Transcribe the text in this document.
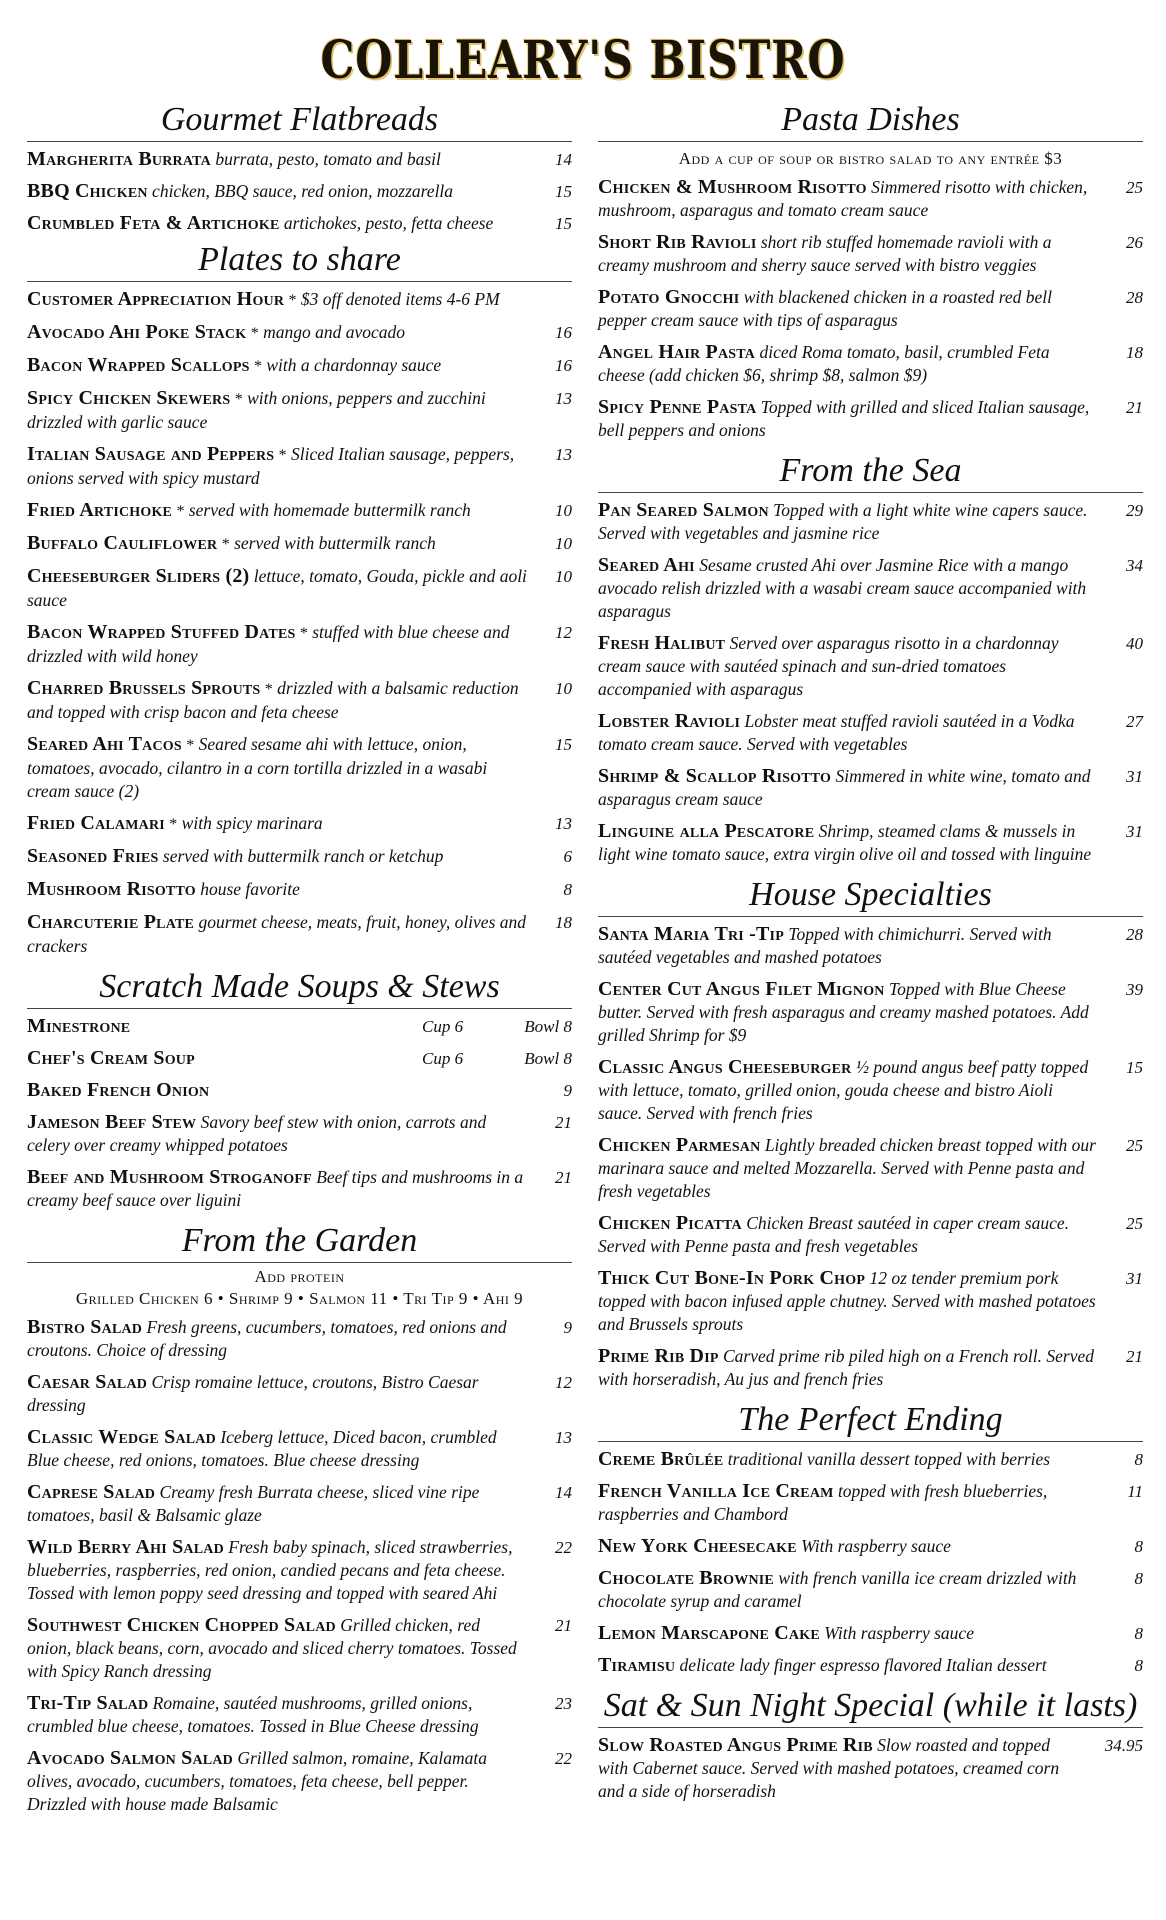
COLLEARY'S BISTRO
Gourmet Flatbreads
Margherita Burrata burrata, pesto, tomato and basil	14
BBQ Chicken chicken, BBQ sauce, red onion, mozzarella	15
Crumbled Feta & Artichoke artichokes, pesto, fetta cheese	15
Plates to share
Customer Appreciation Hour * $3 off denoted items 4-6 PM
Avocado Ahi Poke Stack * mango and avocado	16
Bacon Wrapped Scallops * with a chardonnay sauce	16
Spicy Chicken Skewers * with onions, peppers and zucchini drizzled with garlic sauce
13
Italian Sausage and Peppers * Sliced Italian sausage, peppers, onions served with spicy mustard
13
Fried Artichoke * served with homemade buttermilk ranch	10
Buffalo Cauliflower * served with buttermilk ranch	10
Cheeseburger Sliders (2) lettuce, tomato, Gouda, pickle and aoli sauce
10
Bacon Wrapped Stuffed Dates * stuffed with blue cheese and drizzled with wild honey
12
Charred Brussels Sprouts * drizzled with a balsamic reduction and topped with crisp bacon and feta cheese
10
Seared Ahi Tacos * Seared sesame ahi with lettuce, onion, tomatoes, avocado, cilantro in a corn tortilla drizzled in a wasabi cream sauce (2)
15
Fried Calamari * with spicy marinara	13
Seasoned Fries served with buttermilk ranch or ketchup	6
Mushroom Risotto house favorite	8
Charcuterie Plate gourmet cheese, meats, fruit, honey, olives and crackers
18
Scratch Made Soups & Stews
Minestrone	Cup 6	Bowl 8
Chef's Cream Soup	Cup 6	Bowl 8
Baked French Onion	9
Jameson Beef Stew Savory beef stew with onion, carrots and celery over creamy whipped potatoes
21
Beef and Mushroom Stroganoff Beef tips and mushrooms in a creamy beef sauce over liguini
21
From the Garden
Add protein
Grilled Chicken 6 • Shrimp 9 • Salmon 11 • Tri Tip 9 • Ahi 9
Bistro Salad Fresh greens, cucumbers, tomatoes, red onions and croutons. Choice of dressing
9
Caesar Salad Crisp romaine lettuce, croutons, Bistro Caesar dressing
12
Classic Wedge Salad Iceberg lettuce, Diced bacon, crumbled Blue cheese, red onions, tomatoes. Blue cheese dressing
13
Caprese Salad Creamy fresh Burrata cheese, sliced vine ripe tomatoes, basil & Balsamic glaze
14
Wild Berry Ahi Salad Fresh baby spinach, sliced strawberries, blueberries, raspberries, red onion, candied pecans and feta cheese. Tossed with lemon poppy seed dressing and topped with seared Ahi
22
Southwest Chicken Chopped Salad Grilled chicken, red onion, black beans, corn, avocado and sliced cherry tomatoes. Tossed with Spicy Ranch dressing
21
Tri-Tip Salad Romaine, sautéed mushrooms, grilled onions, crumbled blue cheese, tomatoes. Tossed in Blue Cheese dressing
23
Avocado Salmon Salad Grilled salmon, romaine, Kalamata olives, avocado, cucumbers, tomatoes, feta cheese, bell pepper. Drizzled with house made Balsamic
22
Pasta Dishes
Add a cup of soup or bistro salad to any entrée $3
Chicken & Mushroom Risotto Simmered risotto with chicken, mushroom, asparagus and tomato cream sauce
25
Short Rib Ravioli short rib stuffed homemade ravioli with a creamy mushroom and sherry sauce served with bistro veggies
26
Potato Gnocchi with blackened chicken in a roasted red bell pepper cream sauce with tips of asparagus
28
Angel Hair Pasta diced Roma tomato, basil, crumbled Feta cheese (add chicken $6, shrimp $8, salmon $9)
18
Spicy Penne Pasta Topped with grilled and sliced Italian sausage, bell peppers and onions
21
From the Sea
Pan Seared Salmon Topped with a light white wine capers sauce. Served with vegetables and jasmine rice
29
Seared Ahi Sesame crusted Ahi over Jasmine Rice with a mango avocado relish drizzled with a wasabi cream sauce accompanied with asparagus
34
Fresh Halibut Served over asparagus risotto in a chardonnay cream sauce with sautéed spinach and sun-dried tomatoes accompanied with asparagus
40
Lobster Ravioli Lobster meat stuffed ravioli sautéed in a Vodka tomato cream sauce. Served with vegetables
27
Shrimp & Scallop Risotto Simmered in white wine, tomato and asparagus cream sauce
31
Linguine alla Pescatore Shrimp, steamed clams & mussels in light wine tomato sauce, extra virgin olive oil and tossed with linguine
31
House Specialties
Santa Maria Tri -Tip Topped with chimichurri. Served with sautéed vegetables and mashed potatoes
28
Center Cut Angus Filet Mignon Topped with Blue Cheese butter. Served with fresh asparagus and creamy mashed potatoes. Add grilled Shrimp for $9
39
Classic Angus Cheeseburger ½ pound angus beef patty topped with lettuce, tomato, grilled onion, gouda cheese and bistro Aioli sauce. Served with french fries
15
Chicken Parmesan Lightly breaded chicken breast topped with our marinara sauce and melted Mozzarella. Served with Penne pasta and fresh vegetables
25
Chicken Picatta Chicken Breast sautéed in caper cream sauce. Served with Penne pasta and fresh vegetables
25
Thick Cut Bone-In Pork Chop 12 oz tender premium pork topped with bacon infused apple chutney. Served with mashed potatoes and Brussels sprouts
31
Prime Rib Dip Carved prime rib piled high on a French roll. Served with horseradish, Au jus and french fries
21
The Perfect Ending
Creme Brûlée traditional vanilla dessert topped with berries	8
French Vanilla Ice Cream topped with fresh blueberries, raspberries and Chambord
11
New York Cheesecake With raspberry sauce	8
Chocolate Brownie with french vanilla ice cream drizzled with chocolate syrup and caramel
8
Lemon Marscapone Cake With raspberry sauce	8
Tiramisu delicate lady finger espresso flavored Italian dessert	8
Sat & Sun Night Special (while it lasts)
Slow Roasted Angus Prime Rib Slow roasted and topped with Cabernet sauce. Served with mashed potatoes, creamed corn and a side of horseradish
34.95
